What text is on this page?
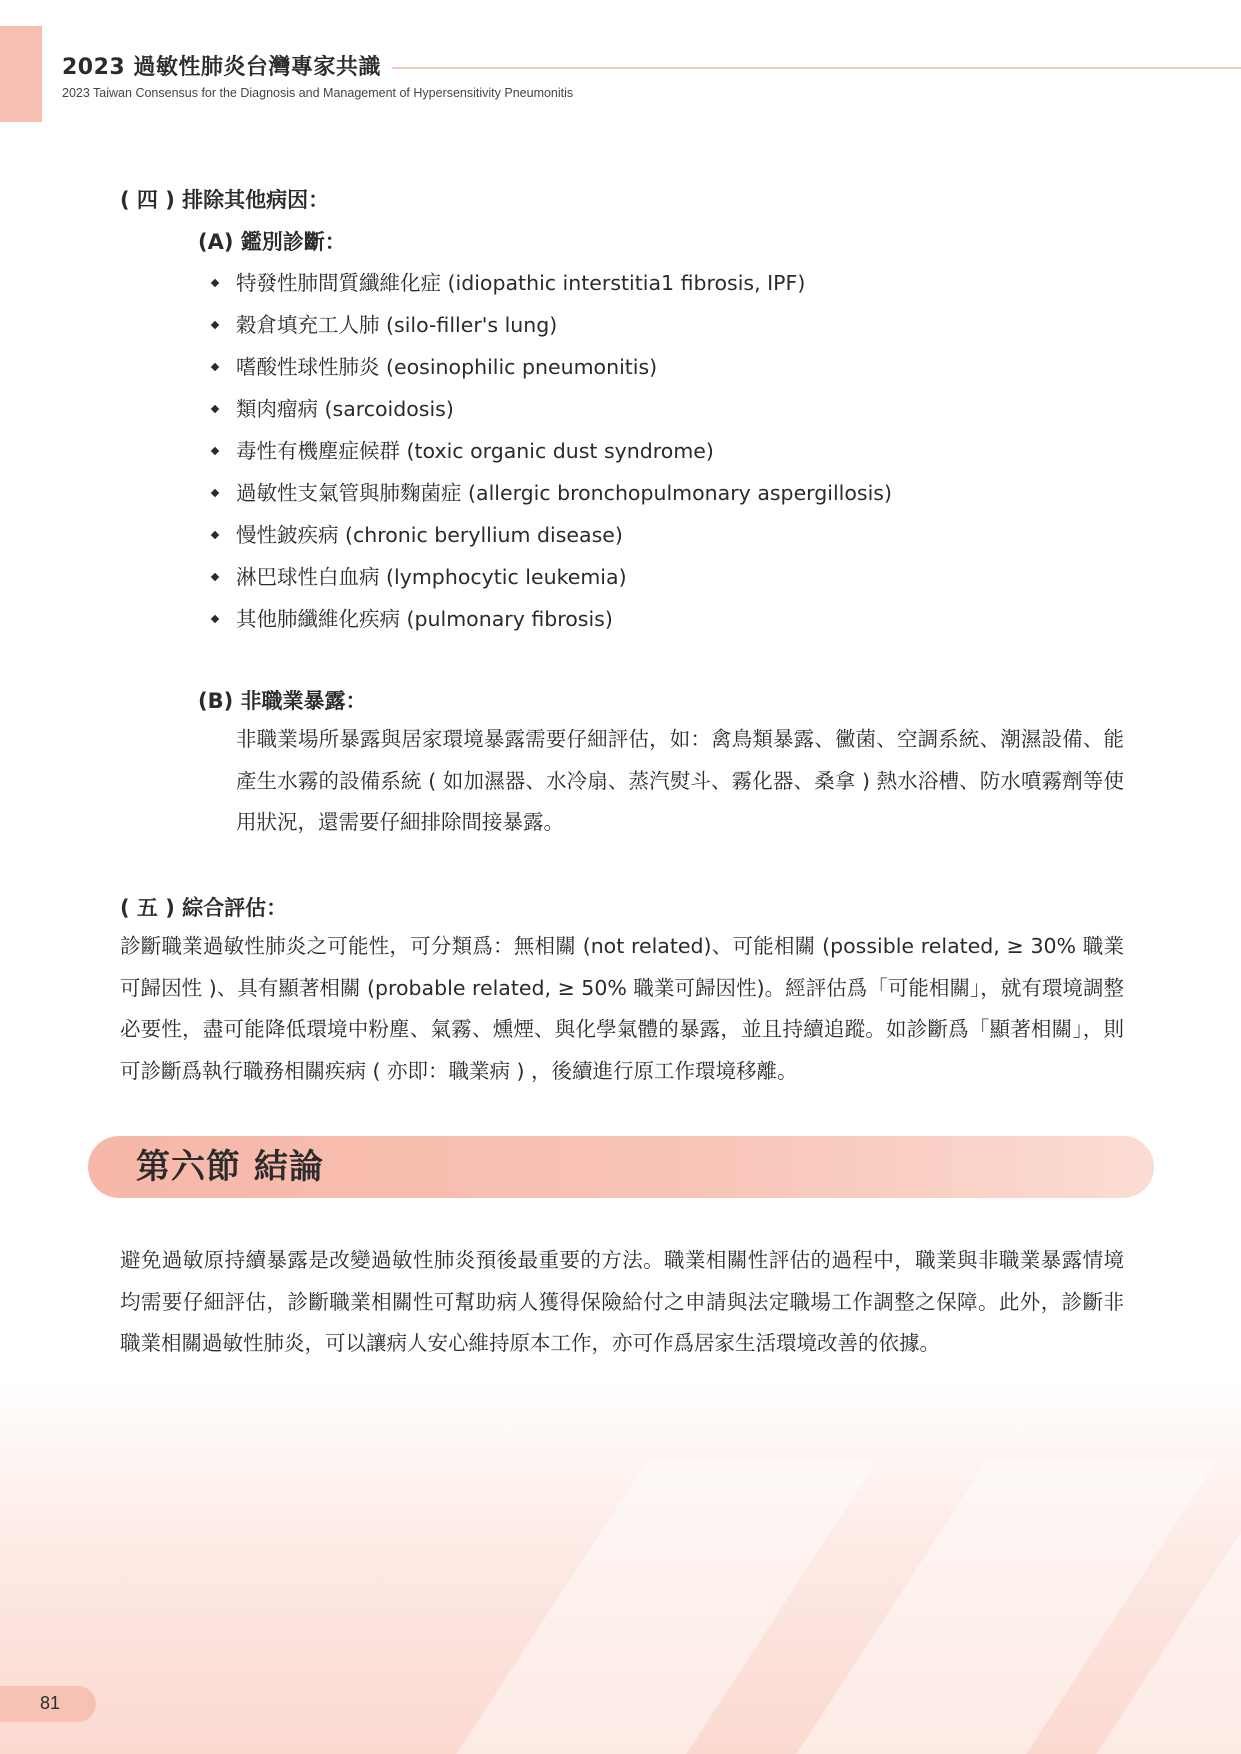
2023 過敏性肺炎台灣專家共識
2023 Taiwan Consensus for the Diagnosis and Management of Hypersensitivity Pneumonitis
( 四 ) 排除其他病因：
(A) 鑑別診斷：
特發性肺間質纖維化症 (idiopathic interstitia1 fibrosis, IPF)
穀倉填充工人肺 (silo-filler's lung)
嗜酸性球性肺炎 (eosinophilic pneumonitis)
類肉瘤病 (sarcoidosis)
毒性有機塵症候群 (toxic organic dust syndrome)
過敏性支氣管與肺麴菌症 (allergic bronchopulmonary aspergillosis)
慢性鈹疾病 (chronic beryllium disease)
淋巴球性白血病 (lymphocytic leukemia)
其他肺纖維化疾病 (pulmonary fibrosis)
(B) 非職業暴露：

非職業場所暴露與居家環境暴露需要仔細評估，如：禽鳥類暴露、黴菌、空調系統、潮濕設備、能產生水霧的設備系統 ( 如加濕器、水冷扇、蒸汽熨斗、霧化器、桑拿 ) 熱水浴槽、防水噴霧劑等使用狀況，還需要仔細排除間接暴露。

( 五 ) 綜合評估：

診斷職業過敏性肺炎之可能性，可分類爲：無相關 (not related)、可能相關 (possible related, ≥ 30% 職業可歸因性 )、具有顯著相關 (probable related, ≥ 50% 職業可歸因性)。經評估爲「可能相關」，就有環境調整必要性，盡可能降低環境中粉塵、氣霧、燻煙、與化學氣體的暴露，並且持續追蹤。如診斷爲「顯著相關」，則可診斷爲執行職務相關疾病 ( 亦即：職業病 ) ，後續進行原工作環境移離。

第六節 結論

避免過敏原持續暴露是改變過敏性肺炎預後最重要的方法。職業相關性評估的過程中，職業與非職業暴露情境均需要仔細評估，診斷職業相關性可幫助病人獲得保險給付之申請與法定職場工作調整之保障。此外，診斷非職業相關過敏性肺炎，可以讓病人安心維持原本工作，亦可作爲居家生活環境改善的依據。

81
